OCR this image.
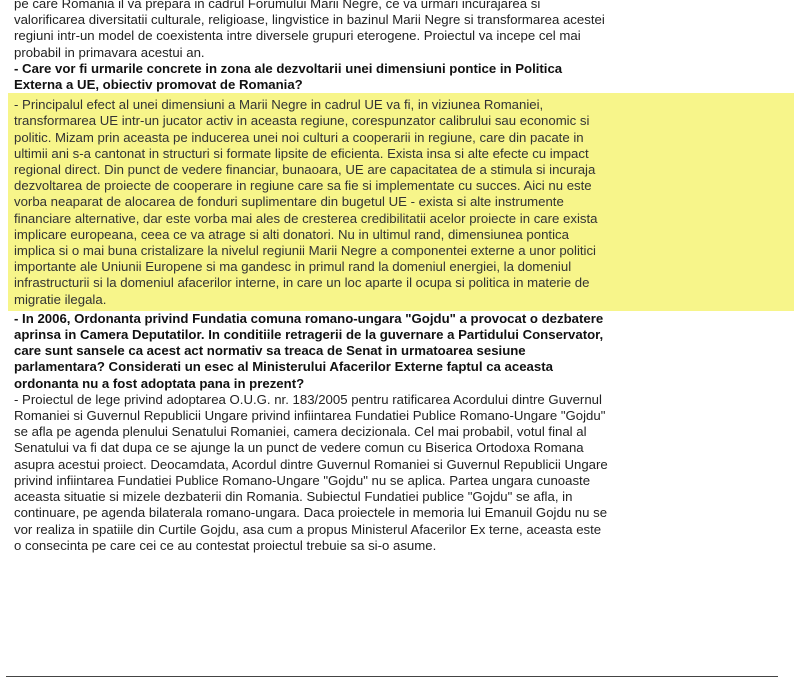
pe care Romania il va prepara in cadrul Forumului Marii Negre, ce va urmari incurajarea si
valorificarea diversitatii culturale, religioase, lingvistice in bazinul Marii Negre si transformarea acestei
regiuni intr-un model de coexistenta intre diversele grupuri eterogene. Proiectul va incepe cel mai
probabil in primavara acestui an.
- Care vor fi urmarile concrete in zona ale dezvoltarii unei dimensiuni pontice in Politica
Externa a UE, obiectiv promovat de Romania?
- Principalul efect al unei dimensiuni a Marii Negre in cadrul UE va fi, in viziunea Romaniei,
transformarea UE intr-un jucator activ in aceasta regiune, corespunzator calibrului sau economic si
politic. Mizam prin aceasta pe inducerea unei noi culturi a cooperarii in regiune, care din pacate in
ultimii ani s-a cantonat in structuri si formate lipsite de eficienta. Exista insa si alte efecte cu impact
regional direct. Din punct de vedere financiar, bunaoara, UE are capacitatea de a stimula si incuraja
dezvoltarea de proiecte de cooperare in regiune care sa fie si implementate cu succes. Aici nu este
vorba neaparat de alocarea de fonduri suplimentare din bugetul UE - exista si alte instrumente
financiare alternative, dar este vorba mai ales de cresterea credibilitatii acelor proiecte in care exista
implicare europeana, ceea ce va atrage si alti donatori. Nu in ultimul rand, dimensiunea pontica
implica si o mai buna cristalizare la nivelul regiunii Marii Negre a componentei externe a unor politici
importante ale Uniunii Europene si ma gandesc in primul rand la domeniul energiei, la domeniul
infrastructurii si la domeniul afacerilor interne, in care un loc aparte il ocupa si politica in materie de
migratie ilegala.
- In 2006, Ordonanta privind Fundatia comuna romano-ungara "Gojdu" a provocat o dezbatere
aprinsa in Camera Deputatilor. In conditiile retragerii de la guvernare a Partidului Conservator,
care sunt sansele ca acest act normativ sa treaca de Senat in urmatoarea sesiune
parlamentara? Considerati un esec al Ministerului Afacerilor Externe faptul ca aceasta
ordonanta nu a fost adoptata pana in prezent?
- Proiectul de lege privind adoptarea O.U.G. nr. 183/2005 pentru ratificarea Acordului dintre Guvernul
Romaniei si Guvernul Republicii Ungare privind infiintarea Fundatiei Publice Romano-Ungare "Gojdu"
se afla pe agenda plenului Senatului Romaniei, camera decizionala. Cel mai probabil, votul final al
Senatului va fi dat dupa ce se ajunge la un punct de vedere comun cu Biserica Ortodoxa Romana
asupra acestui proiect. Deocamdata, Acordul dintre Guvernul Romaniei si Guvernul Republicii Ungare
privind infiintarea Fundatiei Publice Romano-Ungare "Gojdu" nu se aplica. Partea ungara cunoaste
aceasta situatie si mizele dezbaterii din Romania. Subiectul Fundatiei publice "Gojdu" se afla, in
continuare, pe agenda bilaterala romano-ungara. Daca proiectele in memoria lui Emanuil Gojdu nu se
vor realiza in spatiile din Curtile Gojdu, asa cum a propus Ministerul Afacerilor Ex terne, aceasta este
o consecinta pe care cei ce au contestat proiectul trebuie sa si-o asume.
